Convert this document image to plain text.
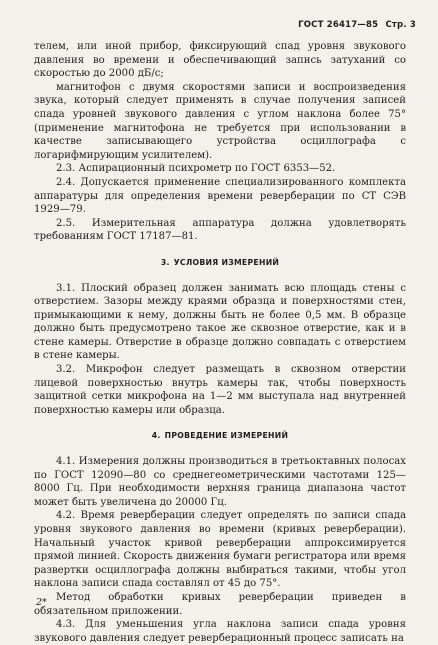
ГОСТ 26417—85 Стр. 3

телем, или иной прибор, фиксирующий спад уровня звукового давления во времени и обеспечивающий запись затуханий со скоростью до 2000 дБ/с;

магнитофон с двумя скоростями записи и воспроизведения звука, который следует применять в случае получения записей спада уровней звукового давления с углом наклона более 75° (применение магнитофона не требуется при использовании в качестве записывающего устройства осциллографа с логарифмирующим усилителем).

2.3. Аспирационный психрометр по ГОСТ 6353—52.

2.4. Допускается применение специализированного комплекта аппаратуры для определения времени реверберации по СТ СЭВ 1929—79.

2.5. Измерительная аппаратура должна удовлетворять требованиям ГОСТ 17187—81.

3. УСЛОВИЯ ИЗМЕРЕНИЙ

3.1. Плоский образец должен занимать всю площадь стены с отверстием. Зазоры между краями образца и поверхностями стен, примыкающими к нему, должны быть не более 0,5 мм. В образце должно быть предусмотрено такое же сквозное отверстие, как и в стене камеры. Отверстие в образце должно совпадать с отверстием в стене камеры.

3.2. Микрофон следует размещать в сквозном отверстии лицевой поверхностью внутрь камеры так, чтобы поверхность защитной сетки микрофона на 1—2 мм выступала над внутренней поверхностью камеры или образца.

4. ПРОВЕДЕНИЕ ИЗМЕРЕНИЙ

4.1. Измерения должны производиться в третьоктавных полосах по ГОСТ 12090—80 со среднегеометрическими частотами 125—8000 Гц. При необходимости верхняя граница диапазона частот может быть увеличена до 20000 Гц.

4.2. Время реверберации следует определять по записи спада уровня звукового давления во времени (кривых реверберации). Начальный участок кривой реверберации аппроксимируется прямой линией. Скорость движения бумаги регистратора или время развертки осциллографа должны выбираться такими, чтобы угол наклона записи спада составлял от 45 до 75°.

Метод обработки кривых реверберации приведен в обязательном приложении.

4.3. Для уменьшения угла наклона записи спада уровня звукового давления следует реверберационный процесс записать на

2*
